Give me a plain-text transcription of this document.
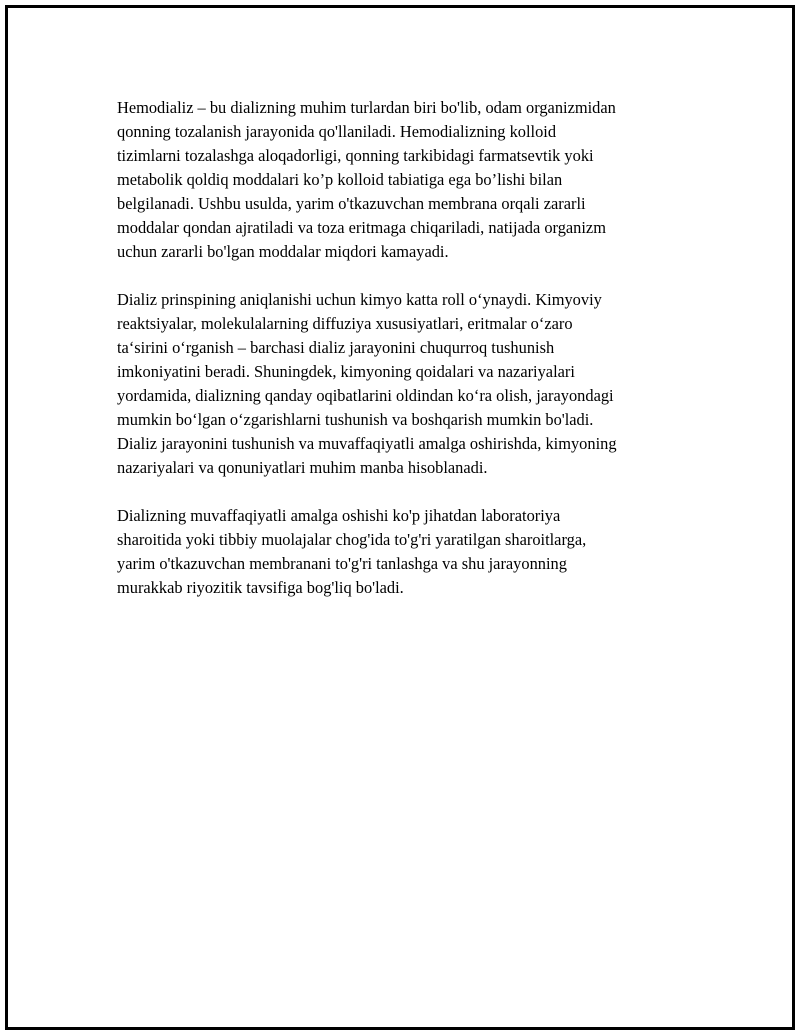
Hemodializ – bu dializning muhim turlardan biri bo'lib, odam organizmidan
qonning tozalanish jarayonida qo'llaniladi. Hemodializning kolloid
tizimlarni tozalashga aloqadorligi, qonning tarkibidagi farmatsevtik yoki
metabolik qoldiq moddalari ko’p kolloid tabiatiga ega bo’lishi bilan
belgilanadi. Ushbu usulda, yarim o'tkazuvchan membrana orqali zararli
moddalar qondan ajratiladi va toza eritmaga chiqariladi, natijada organizm
uchun zararli bo'lgan moddalar miqdori kamayadi.

Dializ prinspining aniqlanishi uchun kimyo katta roll o‘ynaydi. Kimyoviy
reaktsiyalar, molekulalarning diffuziya xususiyatlari, eritmalar o‘zaro
ta‘sirini o‘rganish – barchasi dializ jarayonini chuqurroq tushunish
imkoniyatini beradi. Shuningdek, kimyoning qoidalari va nazariyalari
yordamida, dializning qanday oqibatlarini oldindan ko‘ra olish, jarayondagi
mumkin bo‘lgan o‘zgarishlarni tushunish va boshqarish mumkin bo'ladi.
Dializ jarayonini tushunish va muvaffaqiyatli amalga oshirishda, kimyoning
nazariyalari va qonuniyatlari muhim manba hisoblanadi.

Dializning muvaffaqiyatli amalga oshishi ko'p jihatdan laboratoriya
sharoitida yoki tibbiy muolajalar chog'ida to'g'ri yaratilgan sharoitlarga,
yarim o'tkazuvchan membranani to'g'ri tanlashga va shu jarayonning
murakkab riyozitik tavsifiga bog'liq bo'ladi.
